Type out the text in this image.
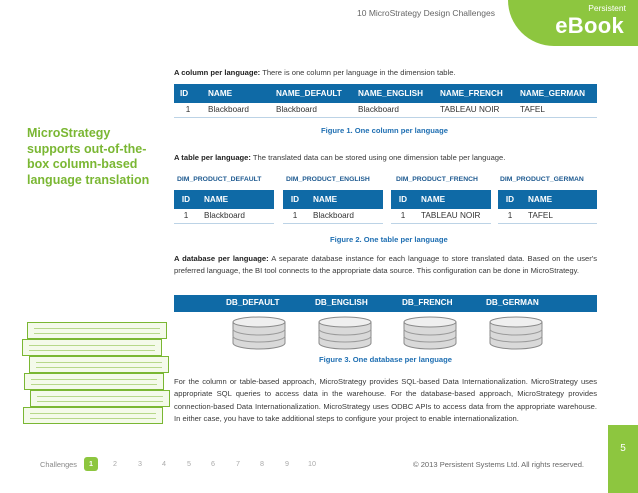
10 MicroStrategy Design Challenges	Persistent
eBook
MicroStrategy
supports out-of-the-
box column-based
language translation
A column per language: There is one column per language in the dimension table.
ID	NAME	NAME_DEFAULT	NAME_ENGLISH	NAME_FRENCH	NAME_GERMAN
1	Blackboard	Blackboard	Blackboard	TABLEAU NOIR	TAFEL
Figure 1. One column per language
A table per language: The translated data can be stored using one dimension table per language.
DIM_PRODUCT_DEFAULT	DIM_PRODUCT_ENGLISH	DIM_PRODUCT_FRENCH	DIM_PRODUCT_GERMAN
ID	NAME
1	Blackboard
ID	NAME
1	Blackboard
ID	NAME
1	TABLEAU NOIR
ID	NAME
1	TAFEL
Figure 2. One table per language
A database per language: A separate database instance for each language to store translated data. Based on the user's preferred language, the BI tool connects to the appropriate data source. This configuration can be done in MicroStrategy.
DB_DEFAULT	DB_ENGLISH	DB_FRENCH	DB_GERMAN
Figure 3. One database per language
For the column or table-based approach, MicroStrategy provides SQL-based Data Internationalization. MicroStrategy uses appropriate SQL queries to access data in the warehouse. For the database-based approach, MicroStrategy provides connection-based Data Internationalization. MicroStrategy uses ODBC APIs to access data from the appropriate warehouse. In either case, you have to take additional steps to configure your project to enable internationalization.
Challenges	1	2	3	4	5	6	7	8	9	10	© 2013 Persistent Systems Ltd. All rights reserved.
5
